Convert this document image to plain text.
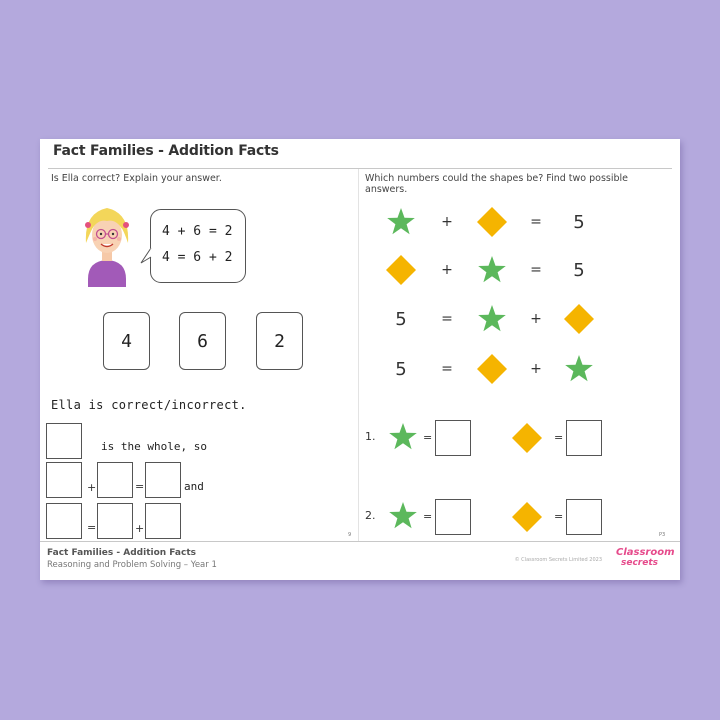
Fact Families - Addition Facts
Is Ella correct? Explain your answer.
4 + 6 = 2
4 = 6 + 2
4	6	2
Ella is correct/incorrect.
is the whole, so
+	=	and
=	+	9
Which numbers could the shapes be? Find two possible answers.
1.	=	=
2.	=	=
P3
Fact Families - Addition Facts
Reasoning and Problem Solving – Year 1	© Classroom Secrets Limited 2023
Classroom
secrets
+	= 5
+	= 5
5 =	+
5 =	+
